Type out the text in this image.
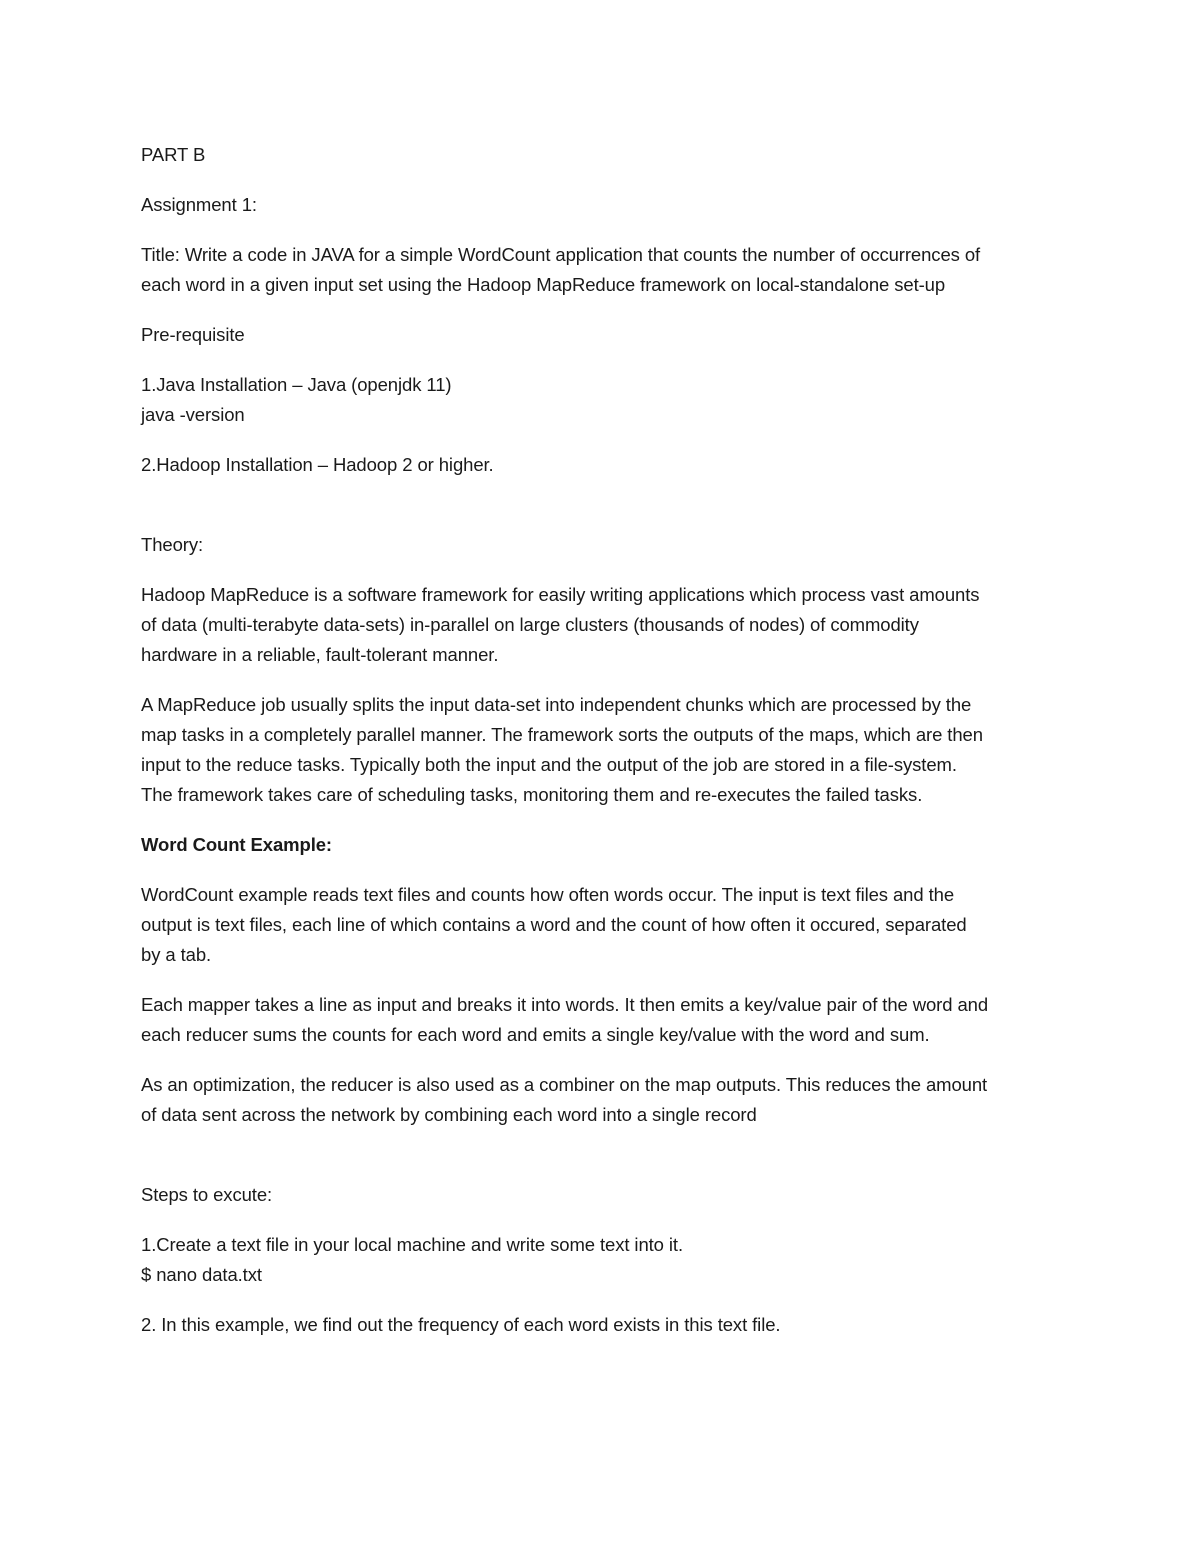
PART B

Assignment 1:

Title: Write a code in JAVA for a simple WordCount application that counts the number of occurrences of
each word in a given input set using the Hadoop MapReduce framework on local-standalone set-up

Pre-requisite

1.Java Installation – Java (openjdk 11)
java -version

2.Hadoop Installation – Hadoop 2 or higher.

Theory:

Hadoop MapReduce is a software framework for easily writing applications which process vast amounts
of data (multi-terabyte data-sets) in-parallel on large clusters (thousands of nodes) of commodity
hardware in a reliable, fault-tolerant manner.

A MapReduce job usually splits the input data-set into independent chunks which are processed by the
map tasks in a completely parallel manner. The framework sorts the outputs of the maps, which are then
input to the reduce tasks. Typically both the input and the output of the job are stored in a file-system.
The framework takes care of scheduling tasks, monitoring them and re-executes the failed tasks.

Word Count Example:

WordCount example reads text files and counts how often words occur. The input is text files and the
output is text files, each line of which contains a word and the count of how often it occured, separated
by a tab.

Each mapper takes a line as input and breaks it into words. It then emits a key/value pair of the word and
each reducer sums the counts for each word and emits a single key/value with the word and sum.

As an optimization, the reducer is also used as a combiner on the map outputs. This reduces the amount
of data sent across the network by combining each word into a single record

Steps to excute:

1.Create a text file in your local machine and write some text into it.
$ nano data.txt

2. In this example, we find out the frequency of each word exists in this text file.
